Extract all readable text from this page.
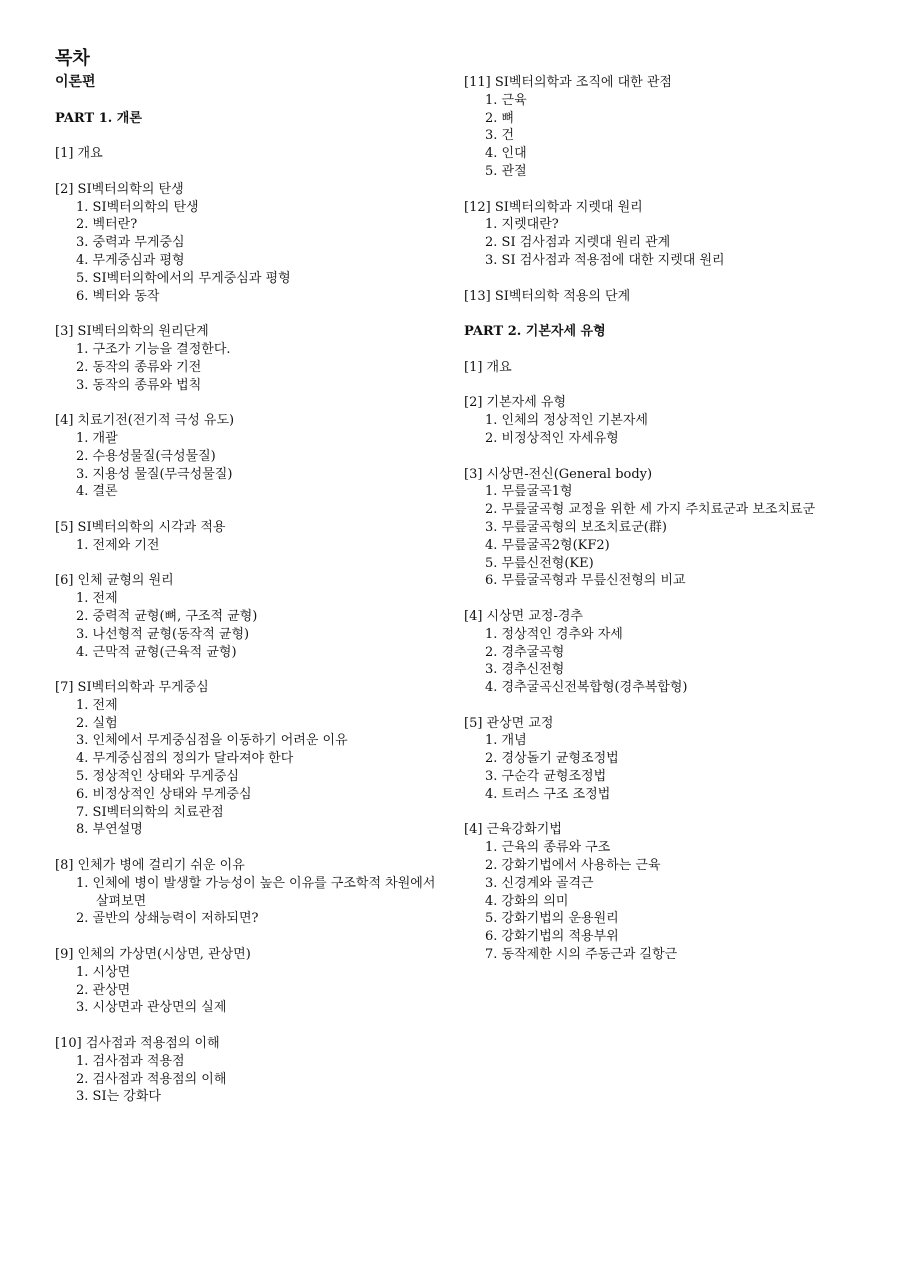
목차
이론편
PART 1. 개론
[1] 개요
[2] SI벡터의학의 탄생
1. SI벡터의학의 탄생
2. 벡터란?
3. 중력과 무게중심
4. 무게중심과 평형
5. SI벡터의학에서의 무게중심과 평형
6. 벡터와 동작
[3] SI벡터의학의 원리단계
1. 구조가 기능을 결정한다.
2. 동작의 종류와 기전
3. 동작의 종류와 법칙
[4] 치료기전(전기적 극성 유도)
1. 개괄
2. 수용성물질(극성물질)
3. 지용성 물질(무극성물질)
4. 결론
[5] SI벡터의학의 시각과 적용
1. 전제와 기전
[6] 인체 균형의 원리
1. 전제
2. 중력적 균형(뼈, 구조적 균형)
3. 나선형적 균형(동작적 균형)
4. 근막적 균형(근육적 균형)
[7] SI벡터의학과 무게중심
1. 전제
2. 실험
3. 인체에서 무게중심점을 이동하기 어려운 이유
4. 무게중심점의 정의가 달라져야 한다
5. 정상적인 상태와 무게중심
6. 비정상적인 상태와 무게중심
7. SI벡터의학의 치료관점
8. 부연설명
[8] 인체가 병에 걸리기 쉬운 이유
1. 인체에 병이 발생할 가능성이 높은 이유를 구조학적 차원에서 살펴보면
2. 골반의 상쇄능력이 저하되면?
[9] 인체의 가상면(시상면, 관상면)
1. 시상면
2. 관상면
3. 시상면과 관상면의 실제
[10] 검사점과 적용점의 이해
1. 검사점과 적용점
2. 검사점과 적용점의 이해
3. SI는 강화다
[11] SI벡터의학과 조직에 대한 관점
1. 근육
2. 뼈
3. 건
4. 인대
5. 관절
[12] SI벡터의학과 지렛대 원리
1. 지렛대란?
2. SI 검사점과 지렛대 원리 관계
3. SI 검사점과 적용점에 대한 지렛대 원리
[13] SI벡터의학 적용의 단계
PART 2. 기본자세 유형
[1] 개요
[2] 기본자세 유형
1. 인체의 정상적인 기본자세
2. 비정상적인 자세유형
[3] 시상면-전신(General body)
1. 무릎굴곡1형
2. 무릎굴곡형 교정을 위한 세 가지 주치료군과 보조치료군
3. 무릎굴곡형의 보조치료군(群)
4. 무릎굴곡2형(KF2)
5. 무릎신전형(KE)
6. 무릎굴곡형과 무릎신전형의 비교
[4] 시상면 교정-경추
1. 정상적인 경추와 자세
2. 경추굴곡형
3. 경추신전형
4. 경추굴곡신전복합형(경추복합형)
[5] 관상면 교정
1. 개념
2. 경상돌기 균형조정법
3. 구순각 균형조정법
4. 트러스 구조 조정법
[4] 근육강화기법
1. 근육의 종류와 구조
2. 강화기법에서 사용하는 근육
3. 신경계와 골격근
4. 강화의 의미
5. 강화기법의 운용원리
6. 강화기법의 적용부위
7. 동작제한 시의 주동근과 길항근
